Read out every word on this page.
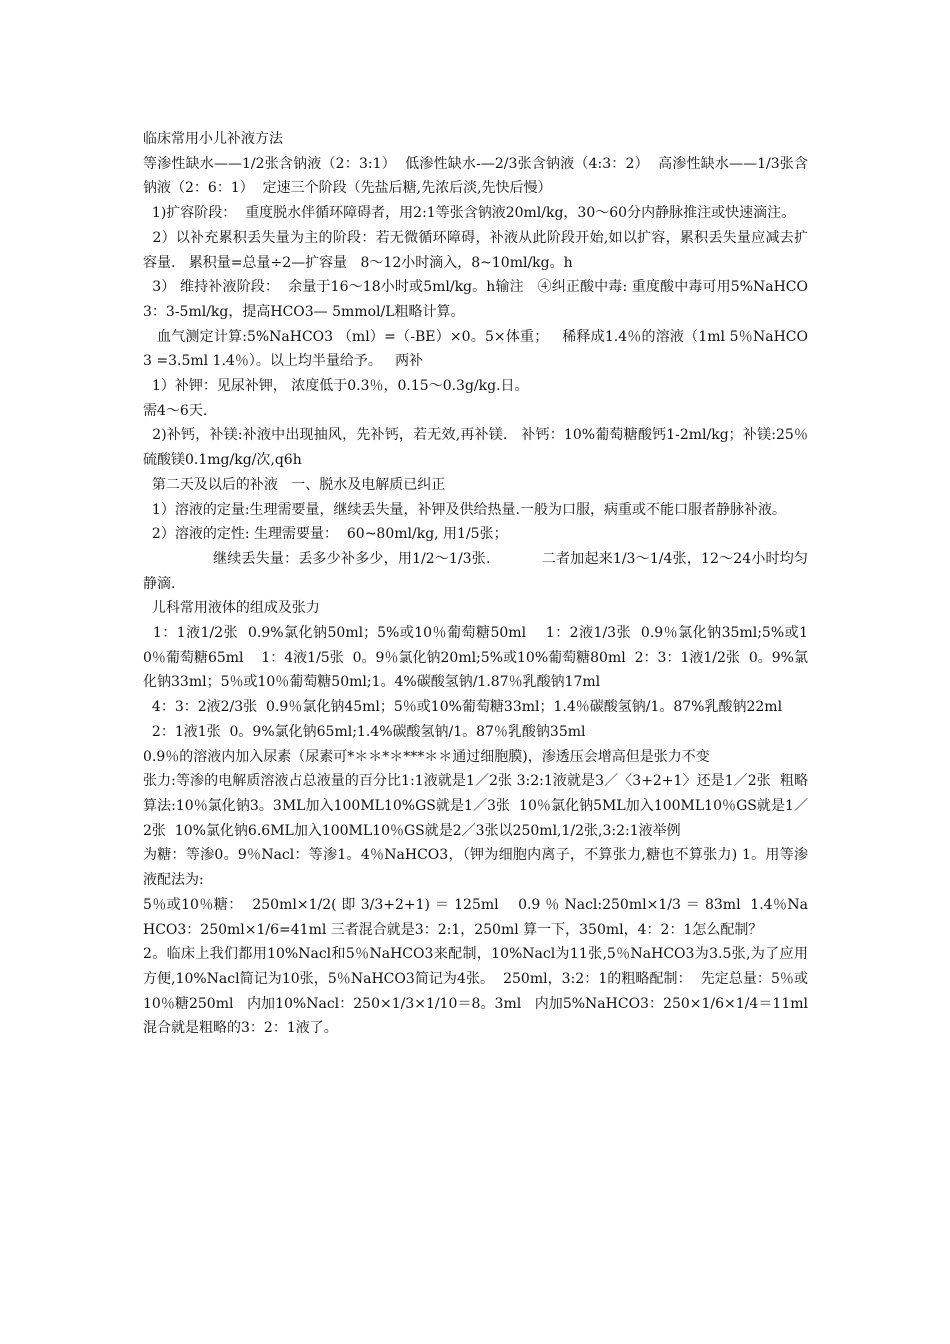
临床常用小儿补液方法

等渗性缺水——1/2张含钠液（2：3:1）  低渗性缺水-—2/3张含钠液（4:3：2）  高渗性缺水——1/3张含钠液（2：6：1）  定速三个阶段（先盐后糖,先浓后淡,先快后慢）

1)扩容阶段：  重度脱水伴循环障碍者，用2:1等张含钠液20ml/kg，30～60分内静脉推注或快速滴注。

2）以补充累积丢失量为主的阶段：若无微循环障碍，补液从此阶段开始,如以扩容，累积丢失量应减去扩容量.   累积量=总量÷2—扩容量   8～12小时滴入，8~10ml/kg。h

3） 维持补液阶段：  余量于16～18小时或5ml/kg。h输注   ④纠正酸中毒: 重度酸中毒可用5%NaHCO3：3-5ml/kg，提高HCO3— 5mmol/L粗略计算。

血气测定计算:5%NaHCO3 （ml）=（-BE）×0。5×体重；   稀释成1.4％的溶液（1ml 5％NaHCO3 =3.5ml 1.4％）。以上均半量给予。   两补

1）补钾：见尿补钾， 浓度低于0.3％，0.15～0.3g/kg.日。

需4～6天.

2)补钙，补镁:补液中出现抽风，先补钙，若无效,再补镁.   补钙：10%葡萄糖酸钙1-2ml/kg；补镁:25％硫酸镁0.1mg/kg/次,q6h

第二天及以后的补液   一、脱水及电解质已纠正

1）溶液的定量:生理需要量，继续丢失量，补钾及供给热量.一般为口服，病重或不能口服者静脉补液。

2）溶液的定性: 生理需要量：  60~80ml/kg, 用1/5张；

继续丢失量：丢多少补多少，用1/2～1/3张.           二者加起来1/3～1/4张，12～24小时均匀静滴.

儿科常用液体的组成及张力

1：1液1/2张  0.9%氯化钠50ml；5%或10％葡萄糖50ml    1：2液1/3张  0.9％氯化钠35ml;5%或10％葡萄糖65ml    1：4液1/5张  0。9％氯化钠20ml;5%或10%葡萄糖80ml  2：3：1液1/2张  0。9%氯化钠33ml；5％或10％葡萄糖50ml;1。4%碳酸氢钠/1.87％乳酸钠17ml

4：3：2液2/3张  0.9％氯化钠45ml；5％或10%葡萄糖33ml；1.4％碳酸氢钠/1。87%乳酸钠22ml

2：1液1张  0。9%氯化钠65ml;1.4%碳酸氢钠/1。87％乳酸钠35ml

0.9％的溶液内加入尿素（尿素可*＊＊*＊***＊＊通过细胞膜)，渗透压会增高但是张力不变

张力:等渗的电解质溶液占总液量的百分比1:1液就是1／2张 3:2:1液就是3／〈3+2+1〉还是1／2张  粗略算法:10％氯化钠3。3ML加入100ML10%GS就是1／3张  10％氯化钠5ML加入100ML10％GS就是1／2张  10%氯化钠6.6ML加入100ML10％GS就是2／3张以250ml,1/2张,3:2:1液举例

为糖：等渗0。9％Nacl：等渗1。4％NaHCO3，（钾为细胞内离子，不算张力,糖也不算张力) 1。用等渗液配法为:

5％或10％糖：  250ml×1/2( 即 3/3+2+1) ＝ 125ml    0.9 ％ Nacl:250ml×1/3 ＝ 83ml  1.4％NaHCO3：250ml×1/6=41ml 三者混合就是3：2:1，250ml 算一下，350ml，4：2：1怎么配制？

2。临床上我们都用10%Nacl和5％NaHCO3来配制，10%Nacl为11张,5％NaHCO3为3.5张,为了应用方便,10%Nacl简记为10张，5％NaHCO3简记为4张。  250ml，3:2：1的粗略配制：  先定总量：5％或10％糖250ml   内加10%Nacl：250×1/3×1/10＝8。3ml   内加5%NaHCO3：250×1/6×1/4＝11ml 混合就是粗略的3：2：1液了。
